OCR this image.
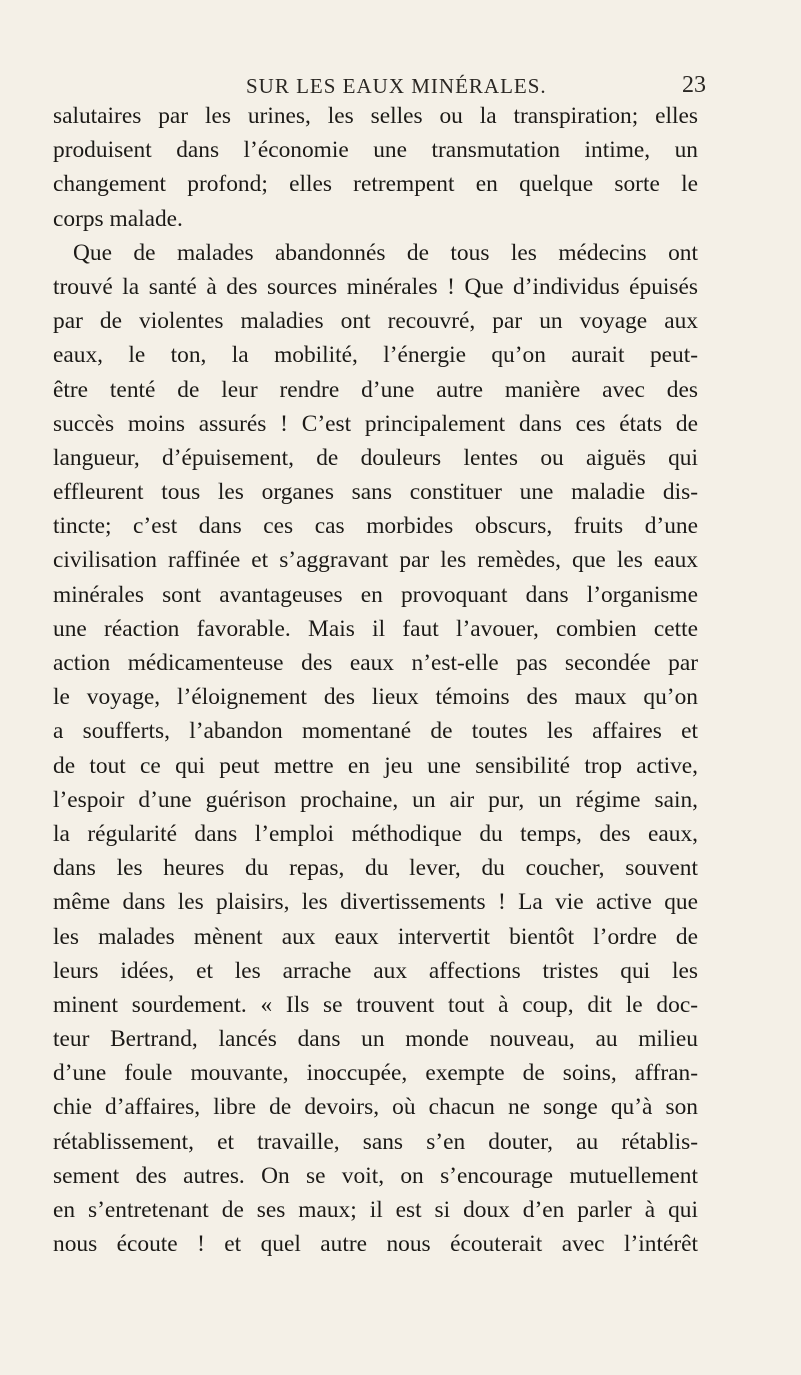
SUR LES EAUX MINÉRALES.	23
salutaires par les urines, les selles ou la transpiration; elles
produisent dans l’économie une transmutation intime, un
changement profond; elles retrempent en quelque sorte le
corps malade.
Que de malades abandonnés de tous les médecins ont
trouvé la santé à des sources minérales ! Que d’individus épuisés
par de violentes maladies ont recouvré, par un voyage aux
eaux, le ton, la mobilité, l’énergie qu’on aurait peut-
être tenté de leur rendre d’une autre manière avec des
succès moins assurés ! C’est principalement dans ces états de
langueur, d’épuisement, de douleurs lentes ou aiguës qui
effleurent tous les organes sans constituer une maladie dis-
tincte; c’est dans ces cas morbides obscurs, fruits d’une
civilisation raffinée et s’aggravant par les remèdes, que les eaux
minérales sont avantageuses en provoquant dans l’organisme
une réaction favorable. Mais il faut l’avouer, combien cette
action médicamenteuse des eaux n’est-elle pas secondée par
le voyage, l’éloignement des lieux témoins des maux qu’on
a soufferts, l’abandon momentané de toutes les affaires et
de tout ce qui peut mettre en jeu une sensibilité trop active,
l’espoir d’une guérison prochaine, un air pur, un régime sain,
la régularité dans l’emploi méthodique du temps, des eaux,
dans les heures du repas, du lever, du coucher, souvent
même dans les plaisirs, les divertissements ! La vie active que
les malades mènent aux eaux intervertit bientôt l’ordre de
leurs idées, et les arrache aux affections tristes qui les
minent sourdement. « Ils se trouvent tout à coup, dit le doc-
teur Bertrand, lancés dans un monde nouveau, au milieu
d’une foule mouvante, inoccupée, exempte de soins, affran-
chie d’affaires, libre de devoirs, où chacun ne songe qu’à son
rétablissement, et travaille, sans s’en douter, au rétablis-
sement des autres. On se voit, on s’encourage mutuellement
en s’entretenant de ses maux; il est si doux d’en parler à qui
nous écoute ! et quel autre nous écouterait avec l’intérêt
